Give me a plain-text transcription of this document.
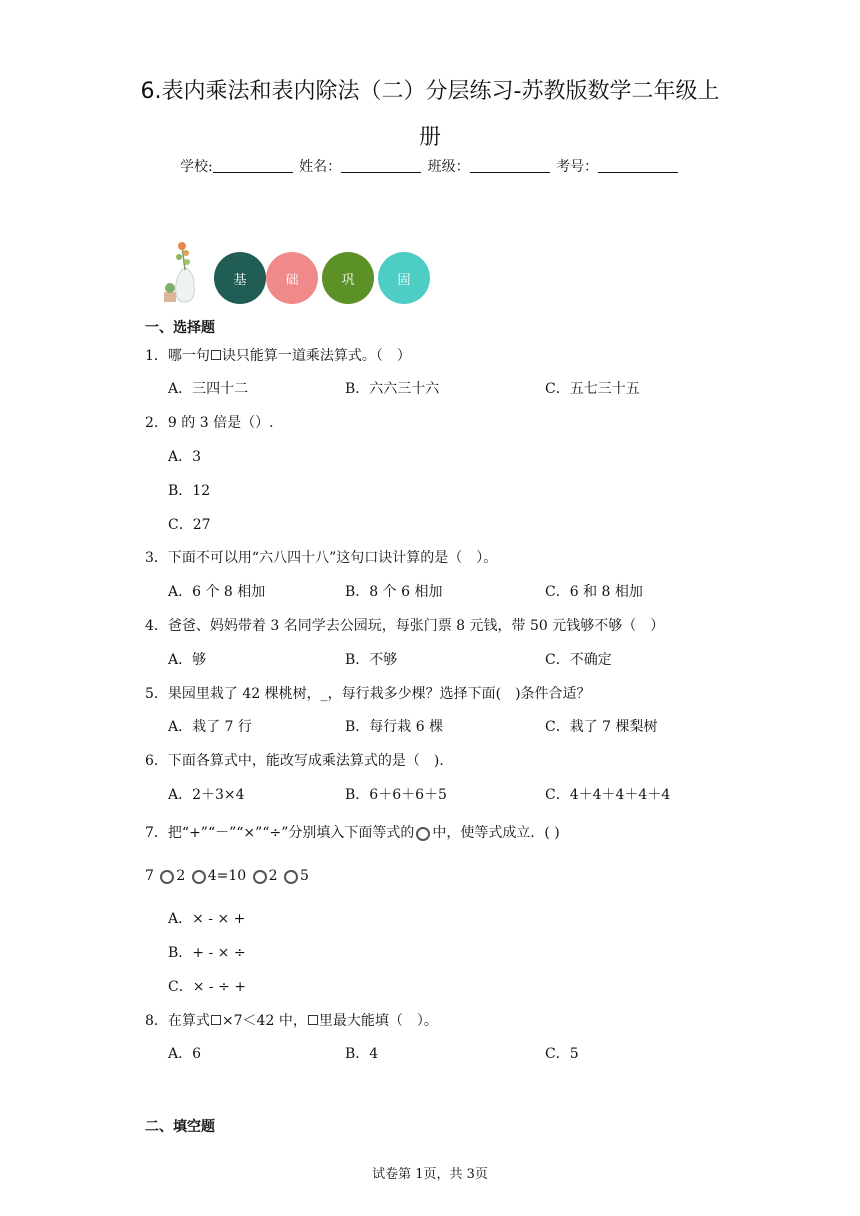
6.表内乘法和表内除法（二）分层练习-苏教版数学二年级上
册
学校:	姓名：	班级：	考号：
基	础	巩	固
一、选择题
1．哪一句 诀只能算一道乘法算式。（　）
A．三四十二	B．六六三十六	C．五七三十五
2．9 的 3 倍是（）.
A．3
B．12
C．27
3．下面不可以用“六八四十八”这句口诀计算的是（　）。
A．6 个 8 相加	B．8 个 6 相加	C．6 和 8 相加
4．爸爸、妈妈带着 3 名同学去公园玩，每张门票 8 元钱，带 50 元钱够不够（　）
A．够	B．不够	C．不确定
5．果园里栽了 42 棵桃树，_，每行栽多少棵？选择下面(　)条件合适？
A．栽了 7 行	B．每行栽 6 棵	C．栽了 7 棵梨树
6．下面各算式中，能改写成乘法算式的是（　).
A．2＋3×4	B．6＋6＋6＋5	C．4＋4＋4＋4＋4
7．把“+”“－”“×”“÷”分别填入下面等式的 中，使等式成立．( )
7 2 4=10 2 5
A．× - × +
B．+ - × ÷
C．× - ÷ +
8．在算式 ×7＜42 中， 里最大能填（　）。
A．6	B．4	C．5
二、填空题
试卷第 1页，共 3页
